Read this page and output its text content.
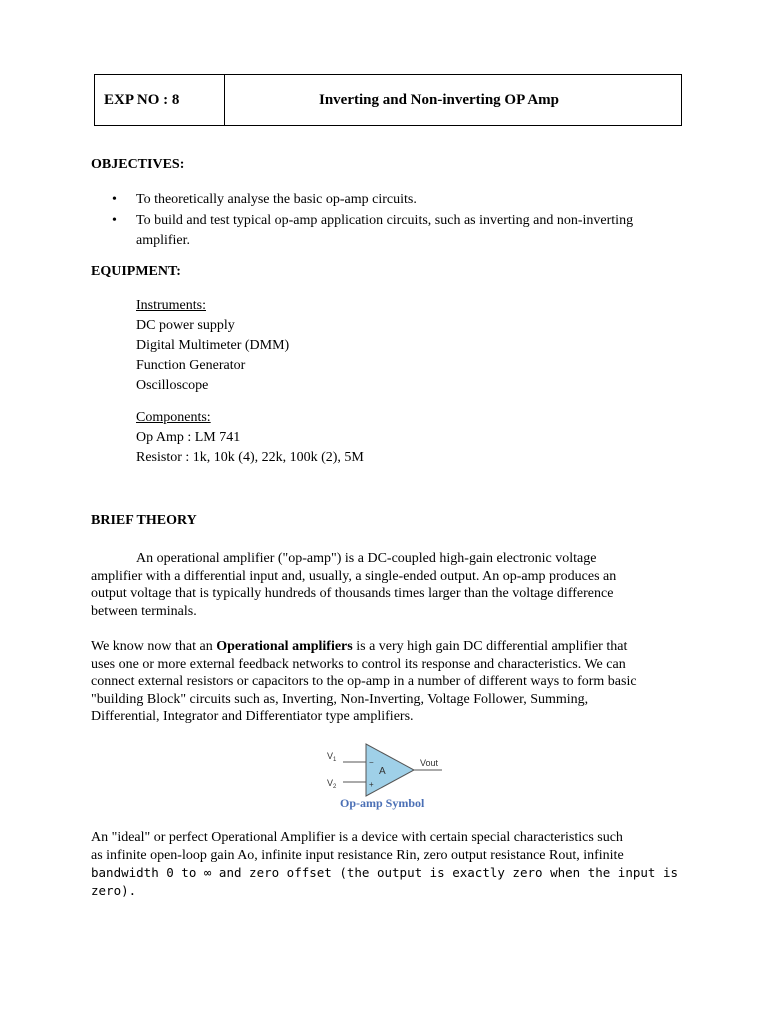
EXP NO : 8	Inverting and Non-inverting OP Amp
OBJECTIVES:
• To theoretically analyse the basic op-amp circuits.
• To build and test typical op-amp application circuits, such as inverting and non-inverting
amplifier.
EQUIPMENT:
Instruments:
DC power supply
Digital Multimeter (DMM)
Function Generator
Oscilloscope
Components:
Op Amp : LM 741
Resistor : 1k, 10k (4), 22k, 100k (2), 5M
BRIEF THEORY
An operational amplifier ("op-amp") is a DC-coupled high-gain electronic voltage
amplifier with a differential input and, usually, a single-ended output. An op-amp produces an
output voltage that is typically hundreds of thousands times larger than the voltage difference
between terminals.
We know now that an Operational amplifiers is a very high gain DC differential amplifier that
uses one or more external feedback networks to control its response and characteristics. We can
connect external resistors or capacitors to the op-amp in a number of different ways to form basic
"building Block" circuits such as, Inverting, Non-Inverting, Voltage Follower, Summing,
Differential, Integrator and Differentiator type amplifiers.
$V_1$
$V_2$
−
+
A
Vout
Op-amp Symbol
An "ideal" or perfect Operational Amplifier is a device with certain special characteristics such
as infinite open-loop gain Ao, infinite input resistance Rin, zero output resistance Rout, infinite
bandwidth 0 to ∞ and zero offset (the output is exactly zero when the input is zero).
